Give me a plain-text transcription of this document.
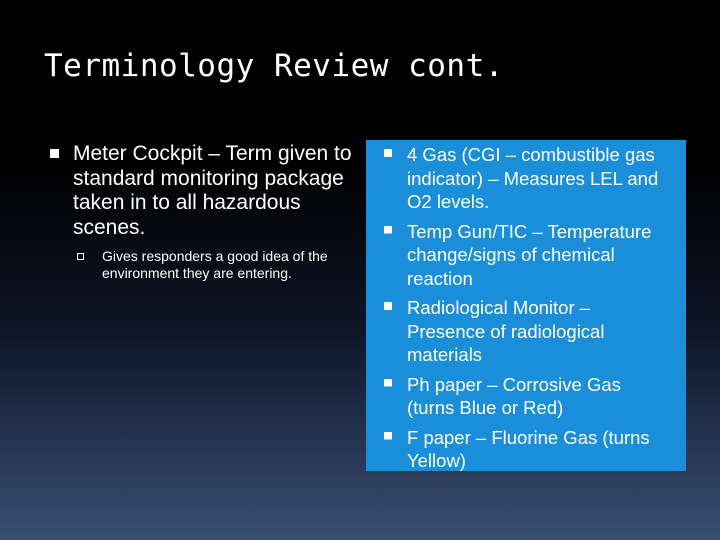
Terminology Review cont.
Meter Cockpit – Term given to standard monitoring package taken in to all hazardous scenes.
Gives responders a good idea of the environment they are entering.
4 Gas (CGI – combustible gas indicator) – Measures LEL and O2 levels.
Temp Gun/TIC – Temperature change/signs of chemical reaction
Radiological Monitor – Presence of radiological materials
Ph paper – Corrosive Gas (turns Blue or Red)
F paper – Fluorine Gas (turns Yellow)
